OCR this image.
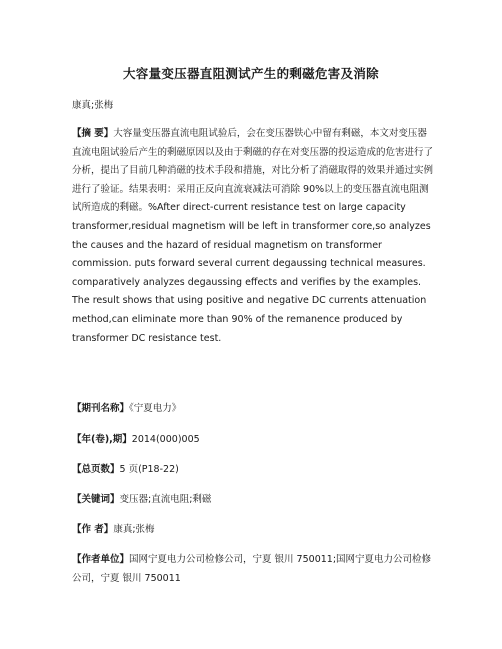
大容量变压器直阻测试产生的剩磁危害及消除
康真;张梅

【摘 要】大容量变压器直流电阻试验后，会在变压器铁心中留有剩磁，本文对变压器直流电阻试验后产生的剩磁原因以及由于剩磁的存在对变压器的投运造成的危害进行了分析，提出了目前几种消磁的技术手段和措施，对比分析了消磁取得的效果并通过实例进行了验证。结果表明：采用正反向直流衰减法可消除 90%以上的变压器直流电阻测试所造成的剩磁。%After direct-current resistance test on large capacity transformer,residual magnetism will be left in transformer core,so analyzes the causes and the hazard of residual magnetism on transformer commission. puts forward several current degaussing technical measures. comparatively analyzes degaussing effects and verifies by the examples. The result shows that using positive and negative DC currents attenuation method,can eliminate more than 90% of the remanence produced by transformer DC resistance test.

【期刊名称】《宁夏电力》

【年(卷),期】2014(000)005

【总页数】5 页(P18-22)

【关键词】变压器;直流电阻;剩磁

【作 者】康真;张梅

【作者单位】国网宁夏电力公司检修公司，宁夏 银川 750011;国网宁夏电力公司检修公司，宁夏 银川 750011
